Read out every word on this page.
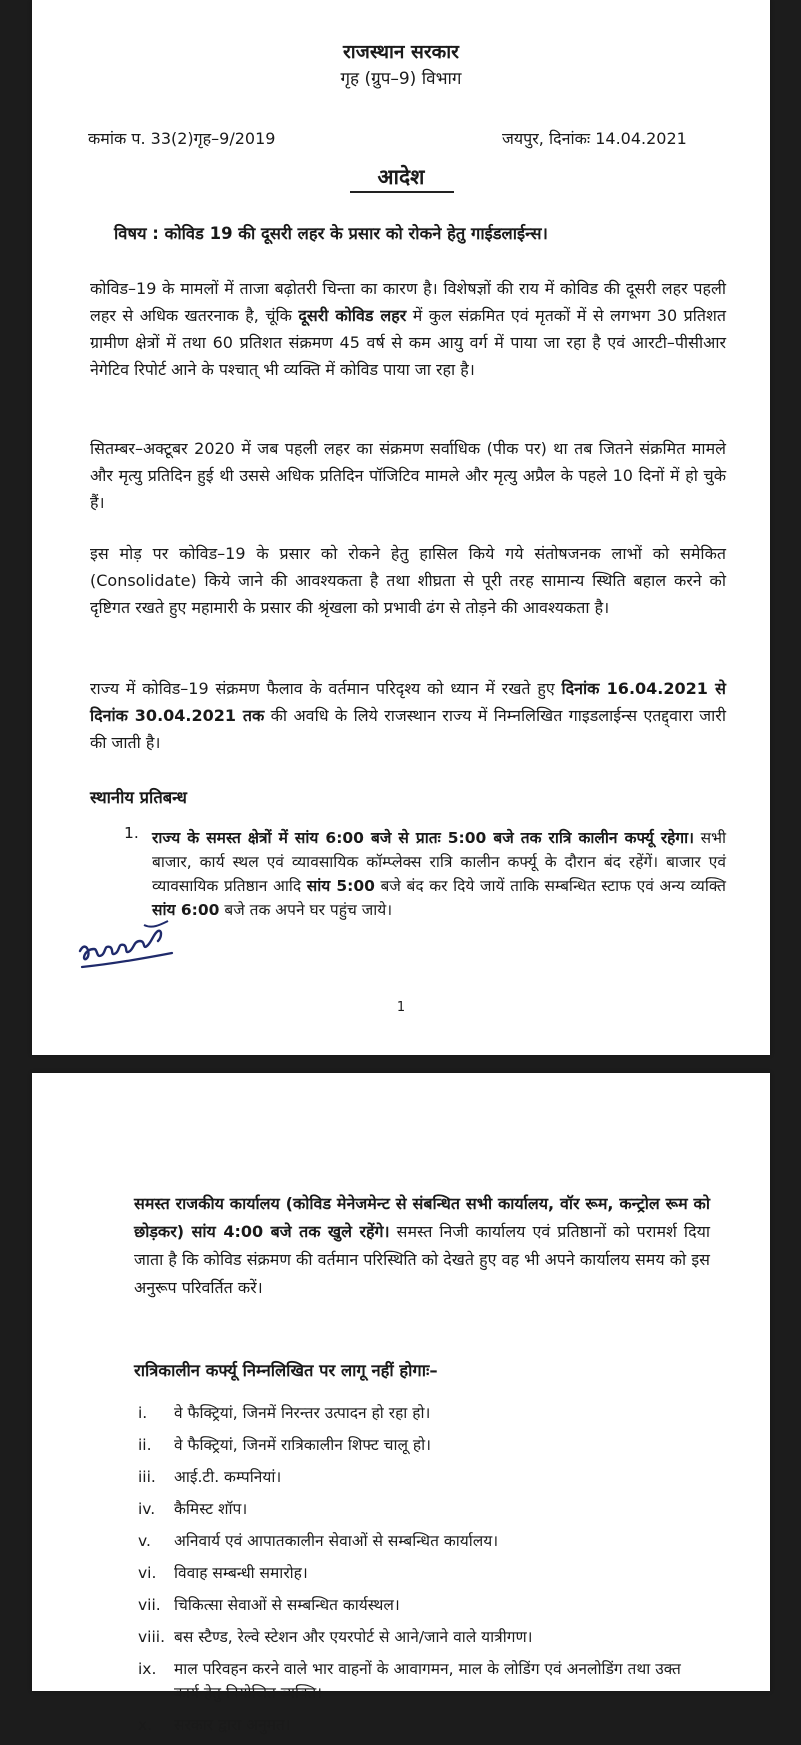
राजस्थान सरकार
गृह (ग्रुप–9) विभाग
कमांक प. 33(2)गृह–9/2019	जयपुर, दिनांकः 14.04.2021
आदेश
विषय : कोविड 19 की दूसरी लहर के प्रसार को रोकने हेतु गाईडलाईन्स।

कोविड–19 के मामलों में ताजा बढ़ोतरी चिन्ता का कारण है। विशेषज्ञों की राय में कोविड की दूसरी लहर पहली लहर से अधिक खतरनाक है, चूंकि दूसरी कोविड लहर में कुल संक्रमित एवं मृतकों में से लगभग 30 प्रतिशत ग्रामीण क्षेत्रों में तथा 60 प्रतिशत संक्रमण 45 वर्ष से कम आयु वर्ग में पाया जा रहा है एवं आरटी–पीसीआर नेगेटिव रिपोर्ट आने के पश्चात् भी व्यक्ति में कोविड पाया जा रहा है।

सितम्बर–अक्टूबर 2020 में जब पहली लहर का संक्रमण सर्वाधिक (पीक पर) था तब जितने संक्रमित मामले और मृत्यु प्रतिदिन हुई थी उससे अधिक प्रतिदिन पॉजिटिव मामले और मृत्यु अप्रैल के पहले 10 दिनों में हो चुके हैं।

इस मोड़ पर कोविड–19 के प्रसार को रोकने हेतु हासिल किये गये संतोषजनक लाभों को समेकित (Consolidate) किये जाने की आवश्यकता है तथा शीघ्रता से पूरी तरह सामान्य स्थिति बहाल करने को दृष्टिगत रखते हुए महामारी के प्रसार की श्रृंखला को प्रभावी ढंग से तोड़ने की आवश्यकता है।

राज्य में कोविड–19 संक्रमण फैलाव के वर्तमान परिदृश्य को ध्यान में रखते हुए दिनांक 16.04.2021 से दिनांक 30.04.2021 तक की अवधि के लिये राजस्थान राज्य में निम्नलिखित गाइडलाईन्स एतद्द्वारा जारी की जाती है।

स्थानीय प्रतिबन्ध
1. राज्य के समस्त क्षेत्रों में सांय 6:00 बजे से प्रातः 5:00 बजे तक रात्रि कालीन कर्फ्यू रहेगा। सभी बाजार, कार्य स्थल एवं व्यावसायिक कॉम्प्लेक्स रात्रि कालीन कर्फ्यू के दौरान बंद रहेंगें। बाजार एवं व्यावसायिक प्रतिष्ठान आदि सांय 5:00 बजे बंद कर दिये जायें ताकि सम्बन्धित स्टाफ एवं अन्य व्यक्ति सांय 6:00 बजे तक अपने घर पहुंच जाये।

1

समस्त राजकीय कार्यालय (कोविड मेनेजमेन्ट से संबन्धित सभी कार्यालय, वॉर रूम, कन्ट्रोल रूम को छोड़कर) सांय 4:00 बजे तक खुले रहेंगे। समस्त निजी कार्यालय एवं प्रतिष्ठानों को परामर्श दिया जाता है कि कोविड संक्रमण की वर्तमान परिस्थिति को देखते हुए वह भी अपने कार्यालय समय को इस अनुरूप परिवर्तित करें।

रात्रिकालीन कर्फ्यू निम्नलिखित पर लागू नहीं होगाः–
i.	वे फैक्ट्रियां, जिनमें निरन्तर उत्पादन हो रहा हो।
ii.	वे फैक्ट्रियां, जिनमें रात्रिकालीन शिफ्ट चालू हो।
iii.	आई.टी. कम्पनियां।
iv.	कैमिस्ट शॉप।
v.	अनिवार्य एवं आपातकालीन सेवाओं से सम्बन्धित कार्यालय।
vi.	विवाह सम्बन्धी समारोह।
vii. चिकित्सा सेवाओं से सम्बन्धित कार्यस्थल।
viii. बस स्टैण्ड, रेल्वे स्टेशन और एयरपोर्ट से आने/जाने वाले यात्रीगण।
ix.	माल परिवहन करने वाले भार वाहनों के आवागमन, माल के लोडिंग एवं अनलोडिंग तथा उक्त कार्य हेतु नियोजित व्यक्ति।
x.	सरकार द्वारा अनुमत।
